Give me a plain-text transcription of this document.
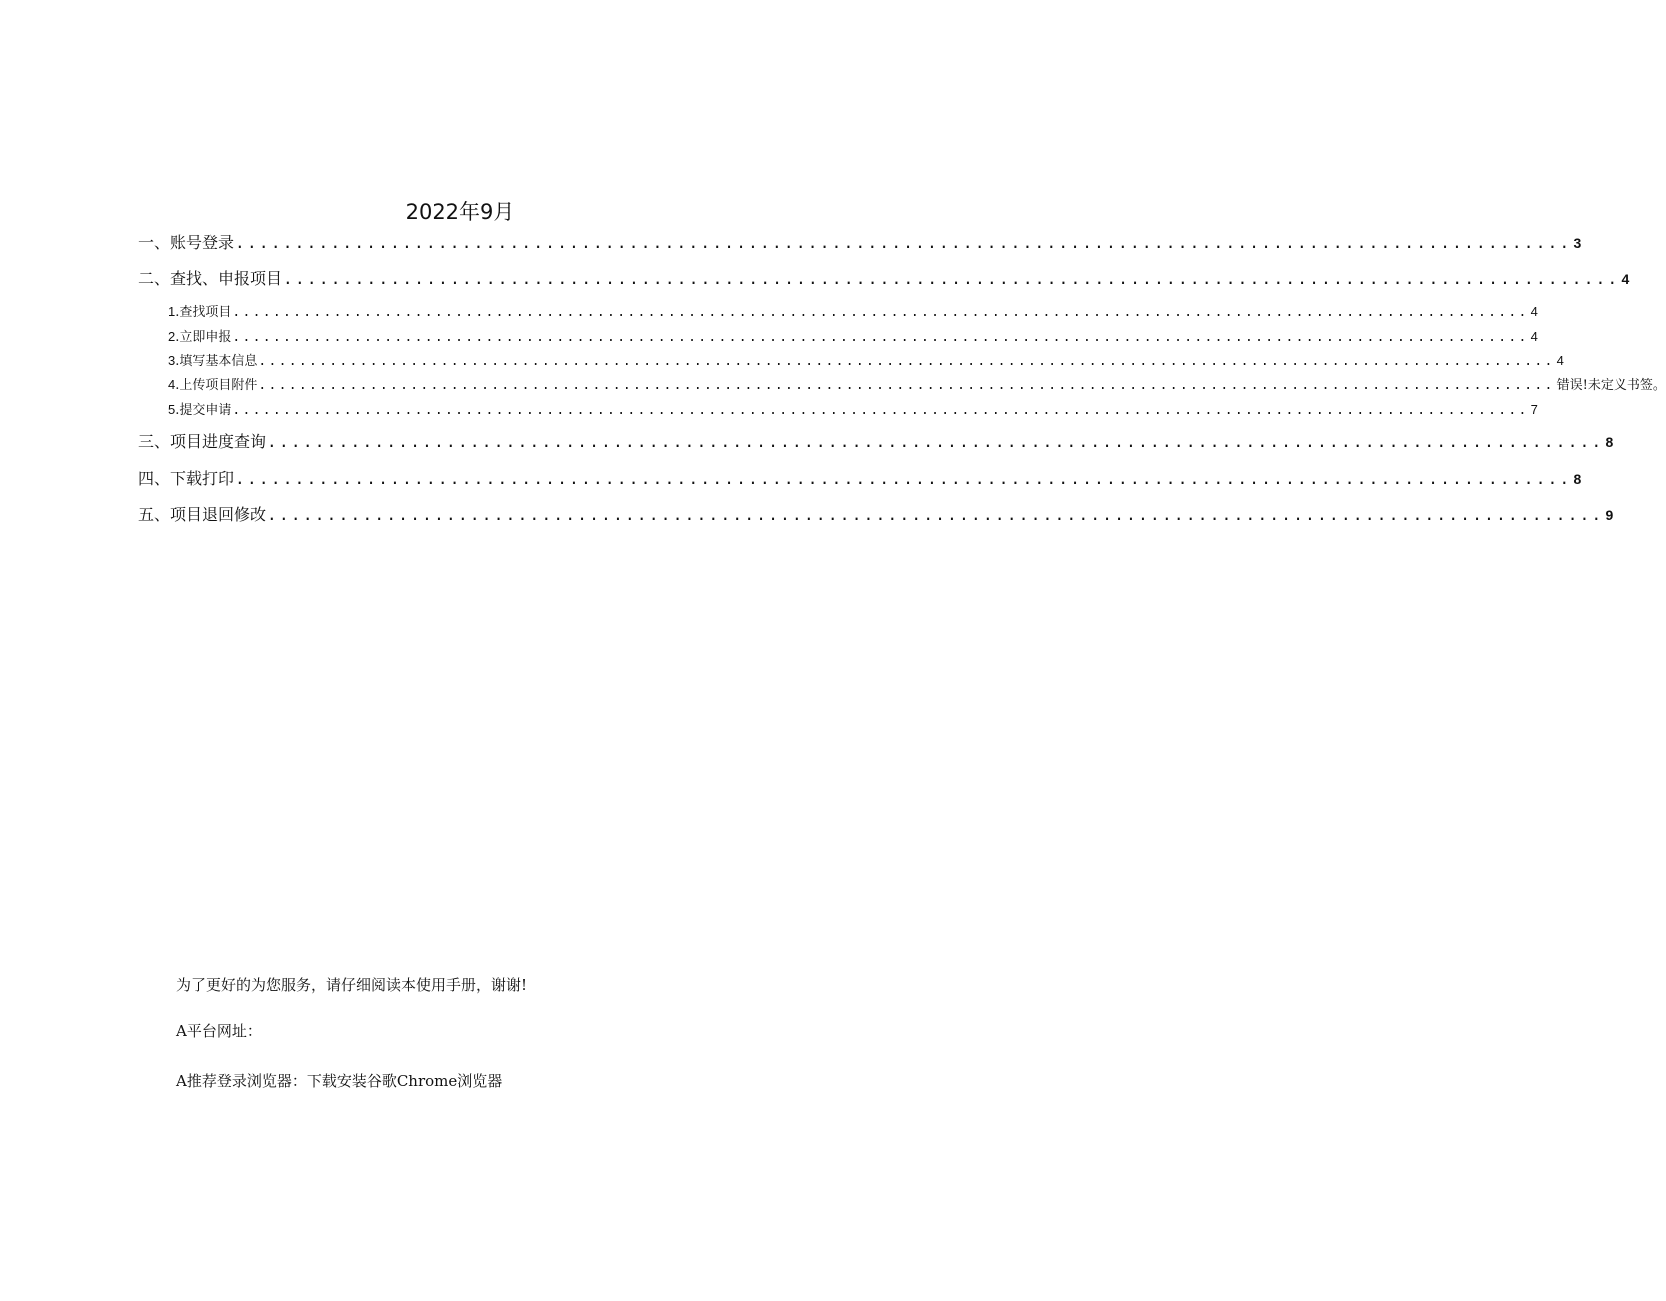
2022年9月
一、账号登录 ................................................................................................................ 3
二、查找、申报项目 ................................................................................................................ 4
1 .查找项目 ................................................................................................................................ 4
2 .立即申报 ................................................................................................................................ 4
3 .填写基本信息 ................................................................................................................................ 4
4 .上传项目附件 ................................................................................................................................ 错误!未定义书签。
5 .提交申请 ................................................................................................................................ 7
三、项目进度查询 ................................................................................................................ 8
四、下载打印 ................................................................................................................ 8
五、项目退回修改 ................................................................................................................ 9
为了更好的为您服务，请仔细阅读本使用手册，谢谢!
A平台网址：
A推荐登录浏览器：下载安装谷歌Chrome浏览器
